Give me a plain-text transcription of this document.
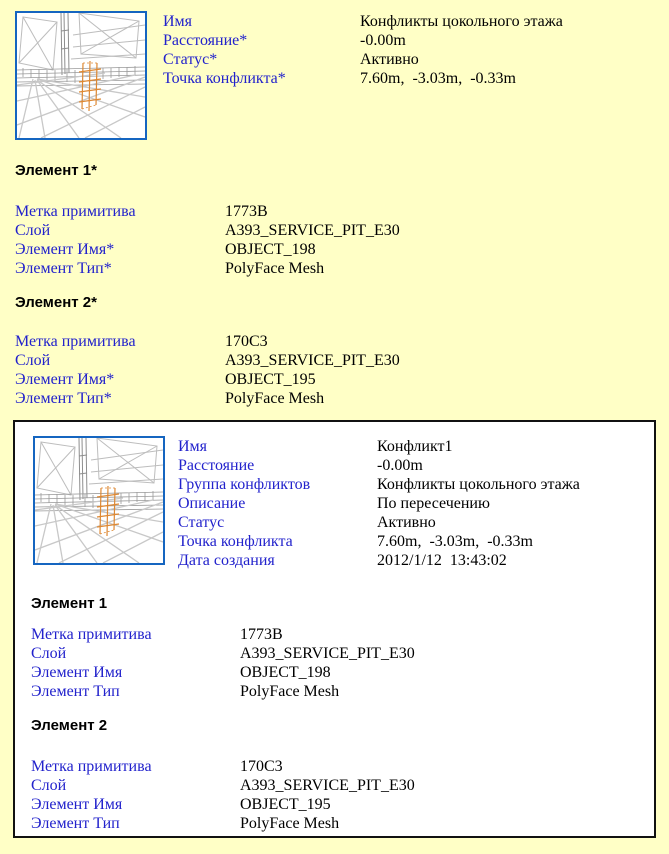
Имя	Конфликты цокольного этажа
Расстояние*	-0.00m
Статус*	Активно
Точка конфликта*	7.60m,  -3.03m,  -0.33m
Элемент 1*
Метка примитива	1773B
Слой	A393_SERVICE_PIT_E30
Элемент Имя*	OBJECT_198
Элемент Тип*	PolyFace Mesh
Элемент 2*
Метка примитива	170C3
Слой	A393_SERVICE_PIT_E30
Элемент Имя*	OBJECT_195
Элемент Тип*	PolyFace Mesh
Имя	Конфликт1
Расстояние	-0.00m
Группа конфликтов	Конфликты цокольного этажа
Описание	По пересечению
Статус	Активно
Точка конфликта	7.60m,  -3.03m,  -0.33m
Дата создания	2012/1/12  13:43:02
Элемент 1
Метка примитива	1773B
Слой	A393_SERVICE_PIT_E30
Элемент Имя	OBJECT_198
Элемент Тип	PolyFace Mesh
Элемент 2
Метка примитива	170C3
Слой	A393_SERVICE_PIT_E30
Элемент Имя	OBJECT_195
Элемент Тип	PolyFace Mesh
